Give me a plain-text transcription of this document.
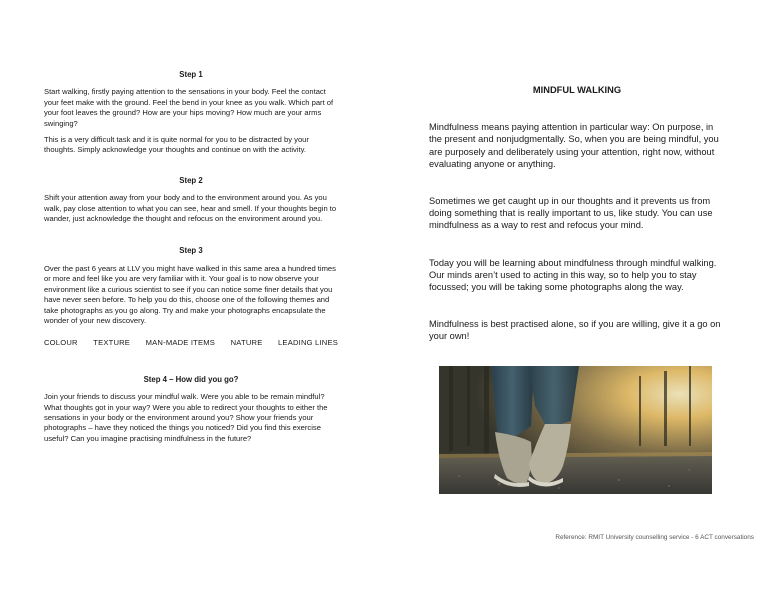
Step 1

Start walking, firstly paying attention to the sensations in your body. Feel the contact your feet make with the ground. Feel the bend in your knee as you walk. Which part of your foot leaves the ground? How are your hips moving? How much are your arms swinging?

This is a very difficult task and it is quite normal for you to be distracted by your thoughts. Simply acknowledge your thoughts and continue on with the activity.

Step 2

Shift your attention away from your body and to the environment around you. As you walk, pay close attention to what you can see, hear and smell. If your thoughts begin to wander, just acknowledge the thought and refocus on the environment around you.

Step 3

Over the past 6 years at LLV you might have walked in this same area a hundred times or more and feel like you are very familiar with it. Your goal is to now observe your environment like a curious scientist to see if you can notice some finer details that you have never seen before. To help you do this, choose one of the following themes and take photographs as you go along. Try and make your photographs encapsulate the wonder of your new discovery.

COLOUR TEXTURE MAN-MADE ITEMS NATURE LEADING LINES
Step 4 – How did you go?

Join your friends to discuss your mindful walk. Were you able to be remain mindful? What thoughts got in your way? Were you able to redirect your thoughts to either the sensations in your body or the environment around you? Show your friends your photographs – have they noticed the things you noticed? Did you find this exercise useful? Can you imagine practising mindfulness in the future?

MINDFUL WALKING

Mindfulness means paying attention in particular way: On purpose, in the present and nonjudgmentally. So, when you are being mindful, you are purposely and deliberately using your attention, right now, without evaluating anyone or anything.

Sometimes we get caught up in our thoughts and it prevents us from doing something that is really important to us, like study. You can use mindfulness as a way to rest and refocus your mind.

Today you will be learning about mindfulness through mindful walking. Our minds aren’t used to acting in this way, so to help you to stay focussed; you will be taking some photographs along the way.

Mindfulness is best practised alone, so if you are willing, give it a go on your own!

Reference: RMIT University counselling service - 6 ACT conversations
